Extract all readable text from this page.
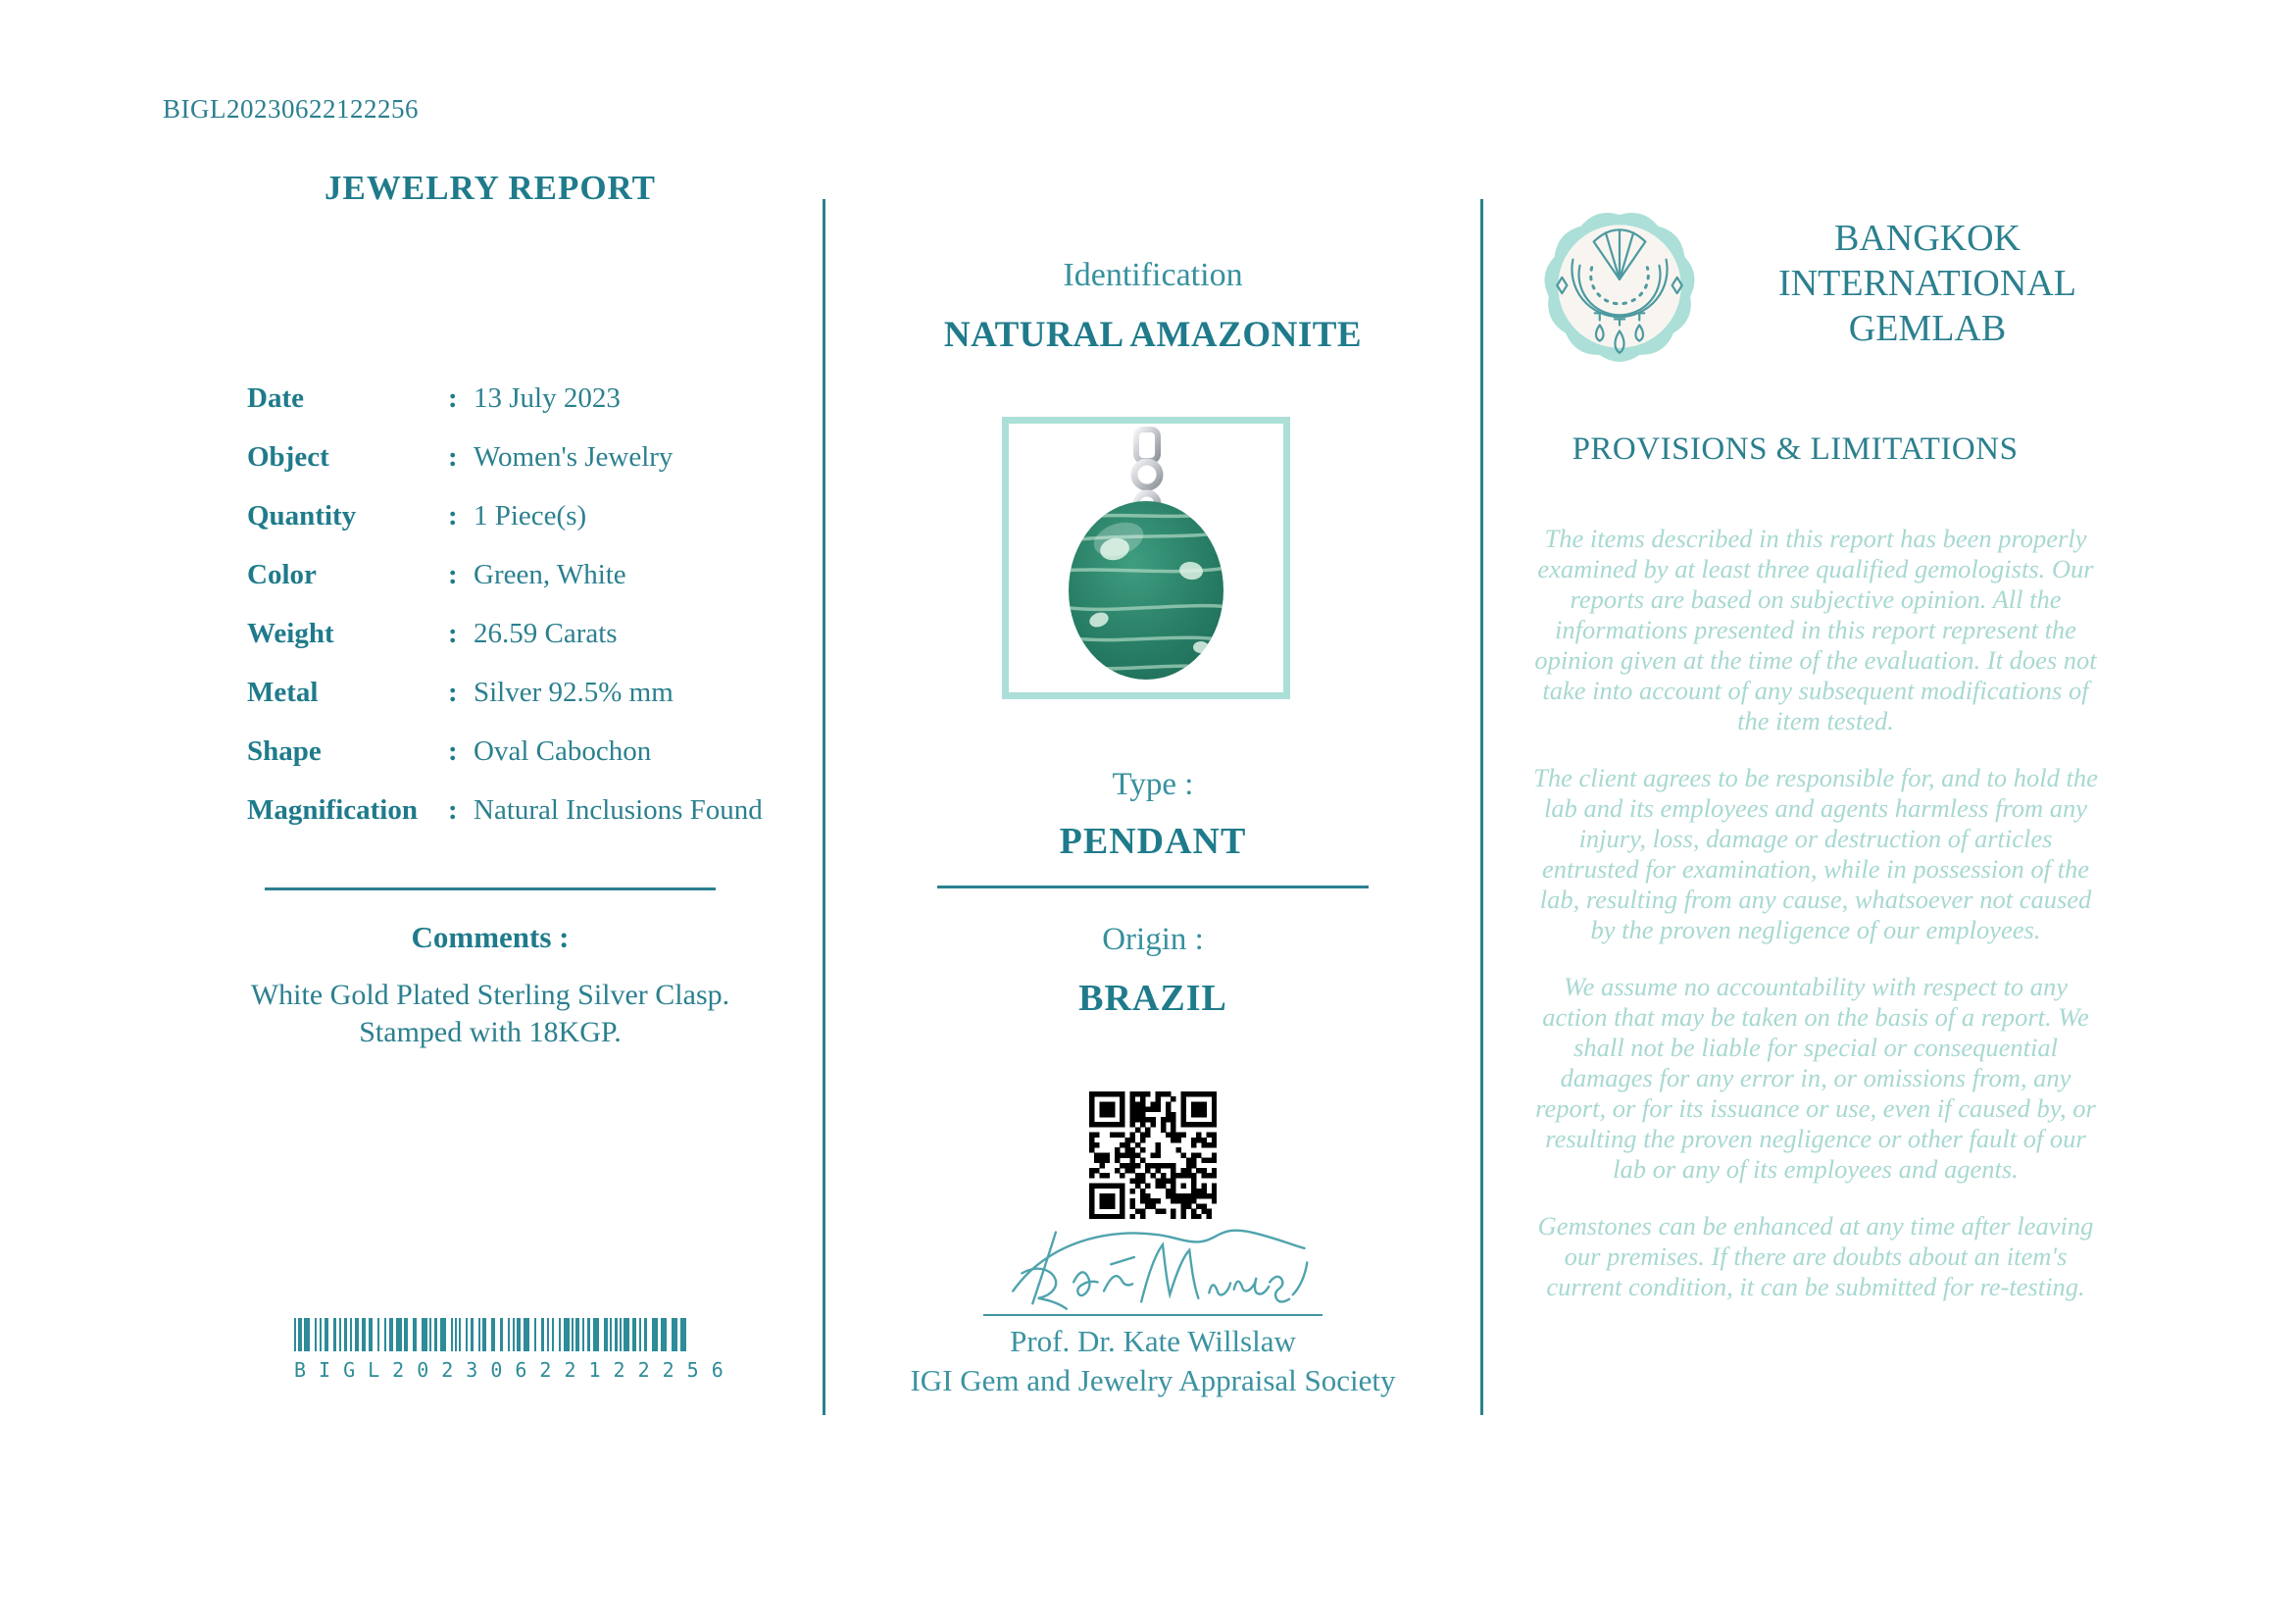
BIGL20230622122256
JEWELRY REPORT
Date	: 13 July 2023
Object	: Women's Jewelry
Quantity	: 1 Piece(s)
Color	: Green, White
Weight	: 26.59 Carats
Metal	: Silver 92.5% mm
Shape	: Oval Cabochon
Magnification	: Natural Inclusions Found
Comments :
White Gold Plated Sterling Silver Clasp.
Stamped with 18KGP.
BIGL20230622122256
Identification
NATURAL AMAZONITE
Type :
PENDANT
Origin :
BRAZIL
Prof. Dr. Kate Willslaw
IGI Gem and Jewelry Appraisal Society
BANGKOK INTERNATIONAL GEMLAB
PROVISIONS & LIMITATIONS

The items described in this report has been properly examined by at least three qualified gemologists. Our reports are based on subjective opinion. All the informations presented in this report represent the opinion given at the time of the evaluation. It does not take into account of any subsequent modifications of the item tested.

The client agrees to be responsible for, and to hold the lab and its employees and agents harmless from any injury, loss, damage or destruction of articles entrusted for examination, while in possession of the lab, resulting from any cause, whatsoever not caused by the proven negligence of our employees.

We assume no accountability with respect to any action that may be taken on the basis of a report. We shall not be liable for special or consequential damages for any error in, or omissions from, any report, or for its issuance or use, even if caused by, or resulting the proven negligence or other fault of our lab or any of its employees and agents.

Gemstones can be enhanced at any time after leaving our premises. If there are doubts about an item's current condition, it can be submitted for re-testing.
